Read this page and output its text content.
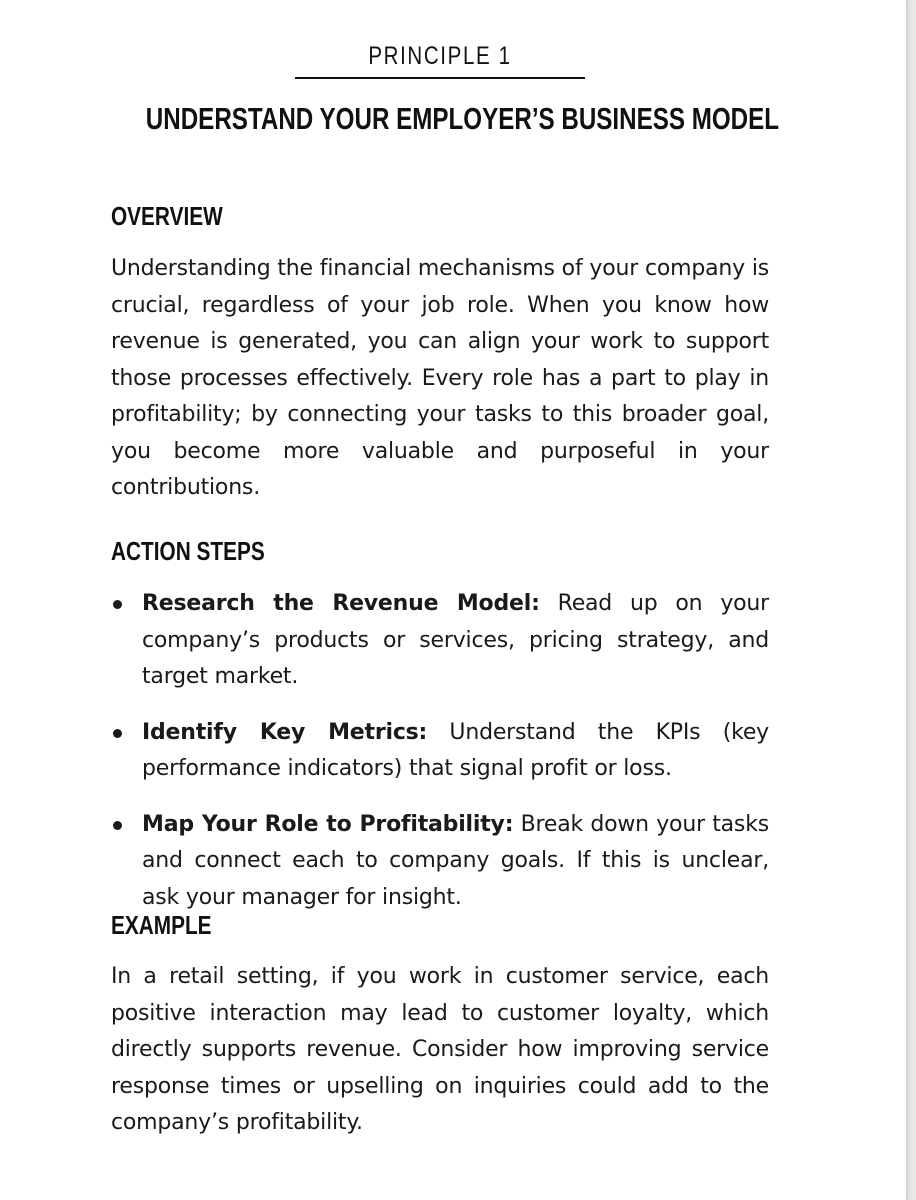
PRINCIPLE 1
UNDERSTAND YOUR EMPLOYER’S BUSINESS MODEL
OVERVIEW

Understanding the financial mechanisms of your company is crucial, regardless of your job role. When you know how revenue is generated, you can align your work to support those processes effectively. Every role has a part to play in profitability; by connecting your tasks to this broader goal, you become more valuable and purposeful in your contributions.

ACTION STEPS
Research the Revenue Model: Read up on your company’s products or services, pricing strategy, and target market.
Identify Key Metrics: Understand the KPIs (key performance indicators) that signal profit or loss.
Map Your Role to Profitability: Break down your tasks and connect each to company goals. If this is unclear, ask your manager for insight.
EXAMPLE

In a retail setting, if you work in customer service, each positive interaction may lead to customer loyalty, which directly supports revenue. Consider how improving service response times or upselling on inquiries could add to the company’s profitability.
